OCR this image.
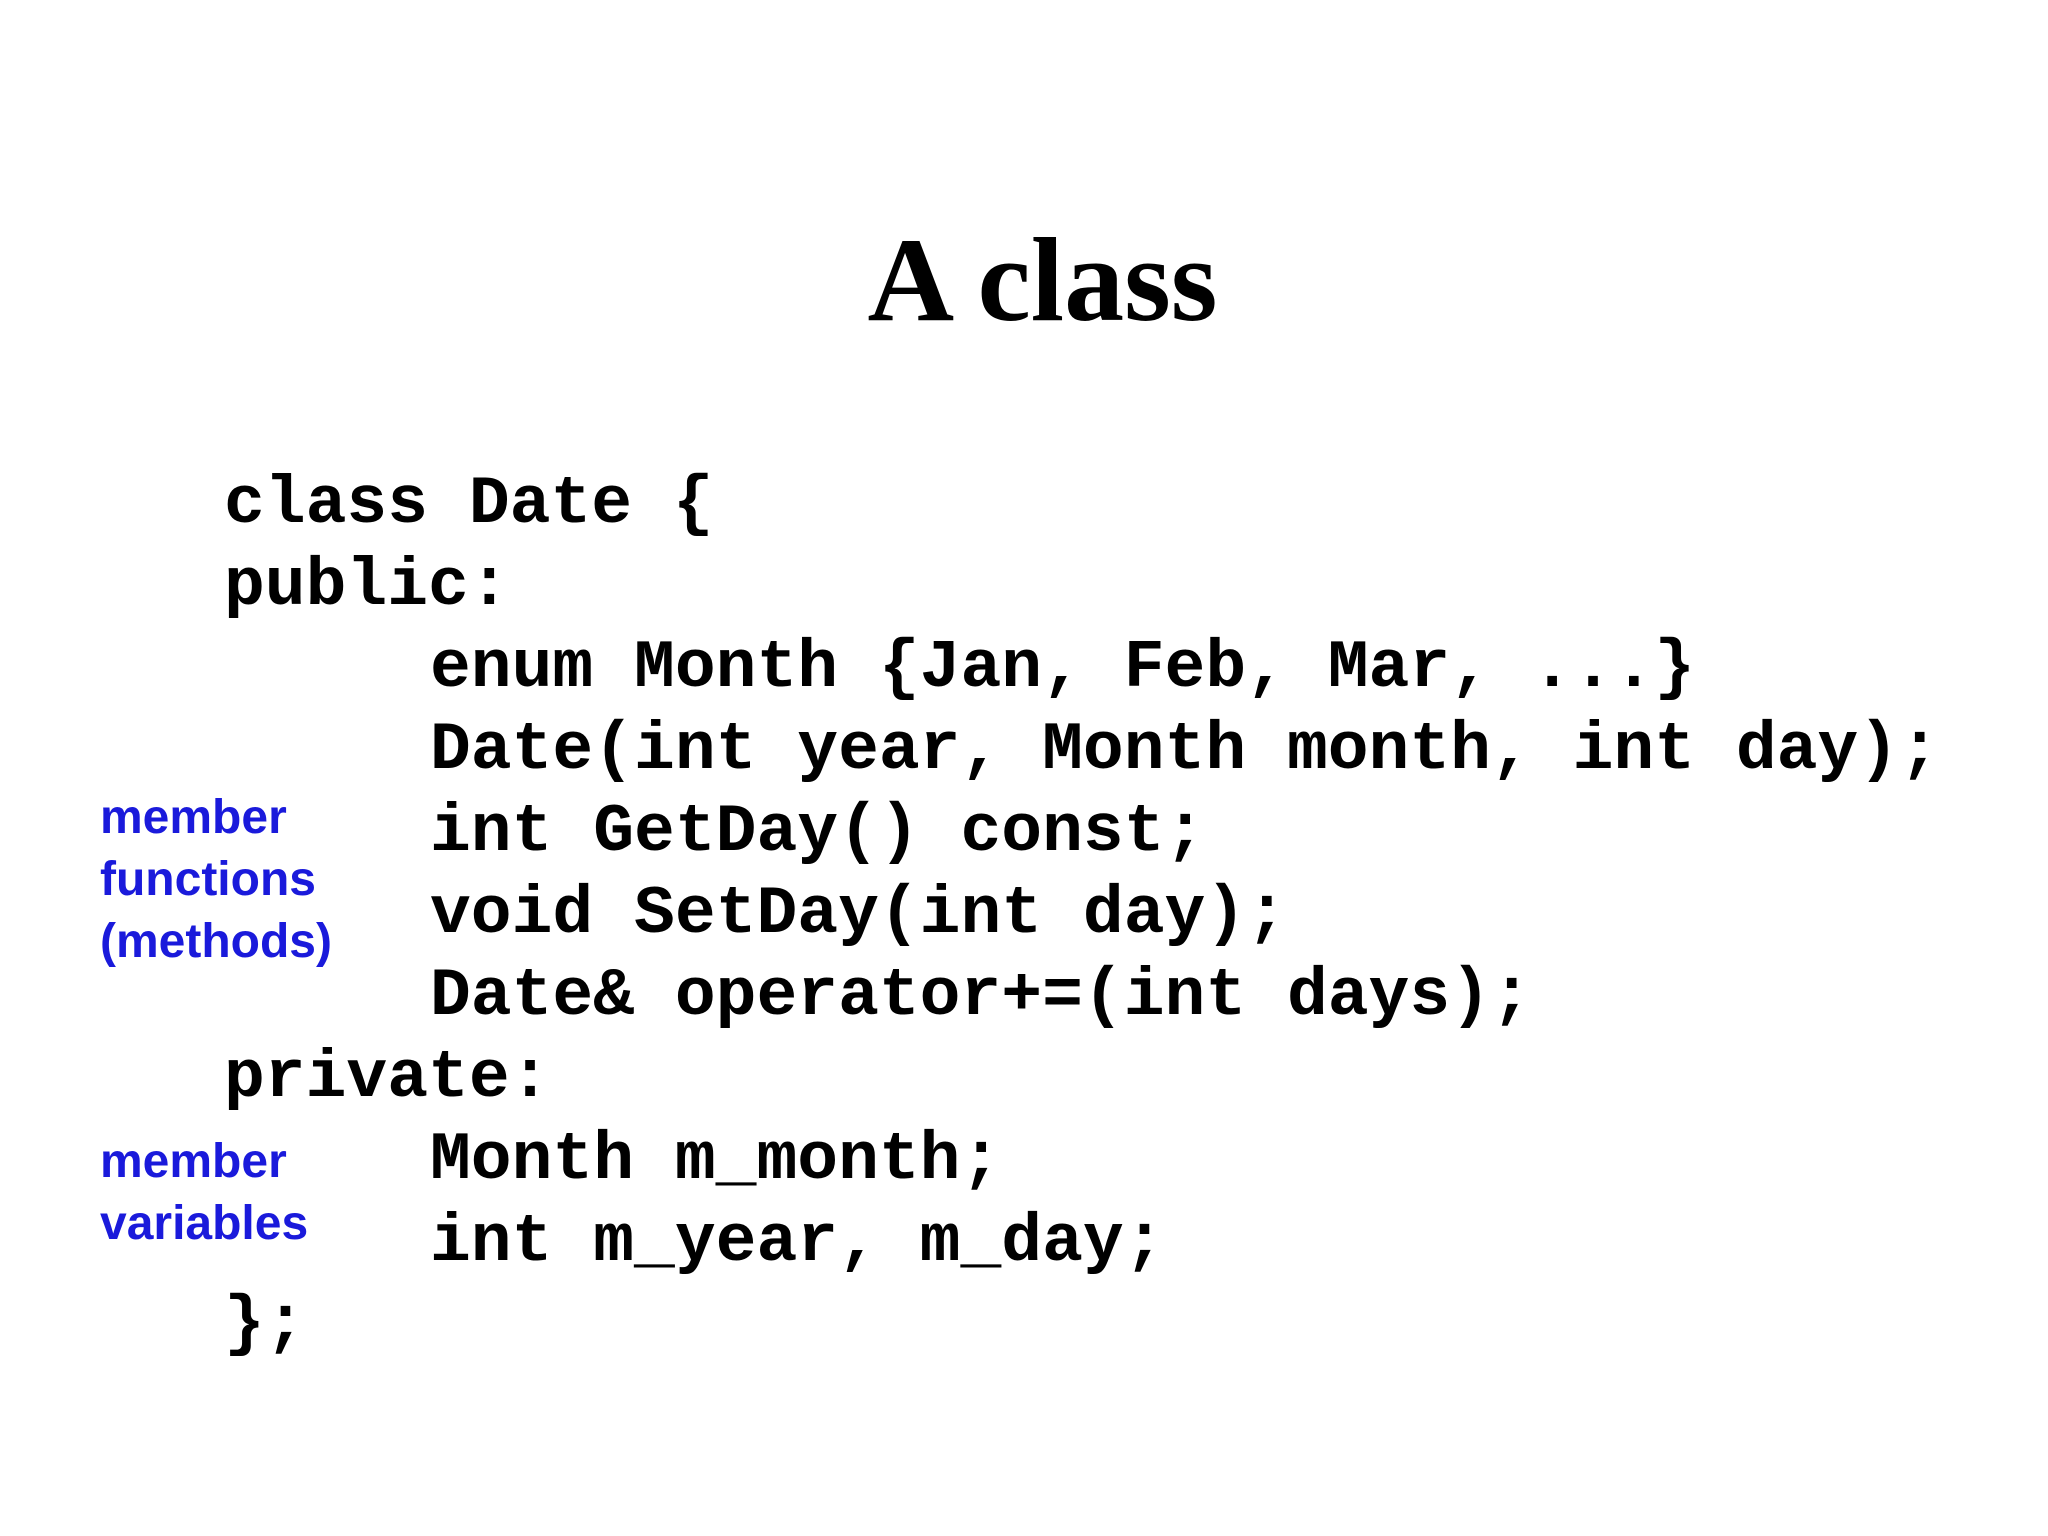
A class
class Date {
public:
enum Month {Jan, Feb, Mar, ...}
Date(int year, Month month, int day);
int GetDay() const;
void SetDay(int day);
Date& operator+=(int days);
private:
Month m_month;
int m_year, m_day;
};
member
functions
(methods)
member
variables
